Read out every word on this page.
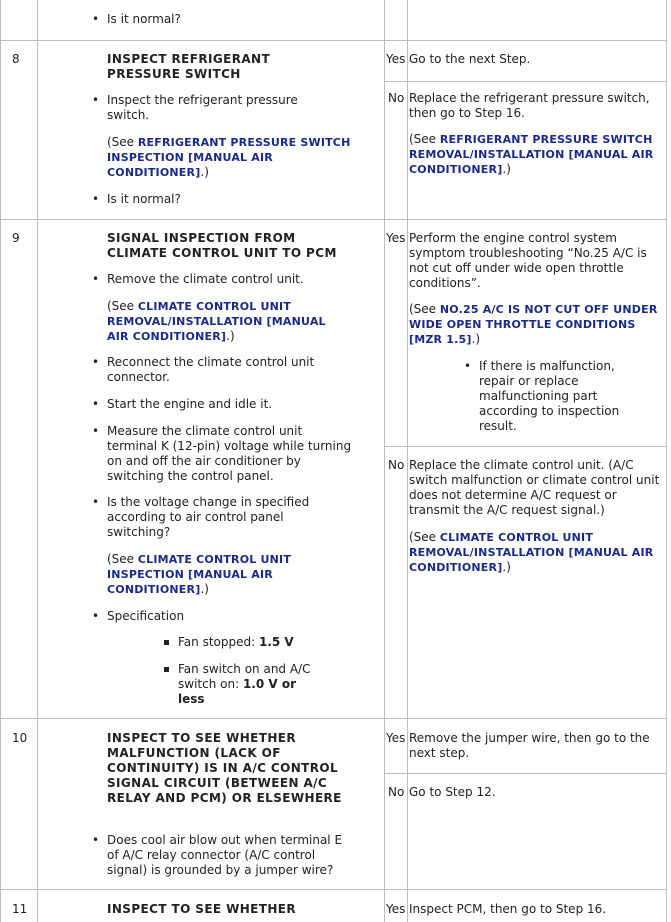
• Is it normal?
8	INSPECT REFRIGERANT PRESSURE SWITCH
• Inspect the refrigerant pressure switch.
(See REFRIGERANT PRESSURE SWITCH INSPECTION [MANUAL AIR CONDITIONER].)
• Is it normal?
Yes Go to the next Step.
No Replace the refrigerant pressure switch, then go to Step 16.
(See REFRIGERANT PRESSURE SWITCH REMOVAL/INSTALLATION [MANUAL AIR CONDITIONER].)
9	SIGNAL INSPECTION FROM CLIMATE CONTROL UNIT TO PCM
• Remove the climate control unit.
(See CLIMATE CONTROL UNIT REMOVAL/INSTALLATION [MANUAL AIR CONDITIONER].)
• Reconnect the climate control unit connector.
• Start the engine and idle it.
• Measure the climate control unit terminal K (12-pin) voltage while turning on and off the air conditioner by switching the control panel.
• Is the voltage change in specified according to air control panel switching?
(See CLIMATE CONTROL UNIT INSPECTION [MANUAL AIR CONDITIONER].)
• Specification
Fan stopped: 1.5 V
Fan switch on and A/C switch on: 1.0 V or less
Yes Perform the engine control system symptom troubleshooting “No.25 A/C is not cut off under wide open throttle conditions”.
(See NO.25 A/C IS NOT CUT OFF UNDER WIDE OPEN THROTTLE CONDITIONS [MZR 1.5].)
• If there is malfunction, repair or replace malfunctioning part according to inspection result.
No Replace the climate control unit. (A/C switch malfunction or climate control unit does not determine A/C request or transmit the A/C request signal.)
(See CLIMATE CONTROL UNIT REMOVAL/INSTALLATION [MANUAL AIR CONDITIONER].)
10	INSPECT TO SEE WHETHER MALFUNCTION (LACK OF CONTINUITY) IS IN A/C CONTROL SIGNAL CIRCUIT (BETWEEN A/C RELAY AND PCM) OR ELSEWHERE
• Does cool air blow out when terminal E of A/C relay connector (A/C control signal) is grounded by a jumper wire?
Yes Remove the jumper wire, then go to the next step.
No Go to Step 12.
11	INSPECT TO SEE WHETHER	Yes Inspect PCM, then go to Step 16.
